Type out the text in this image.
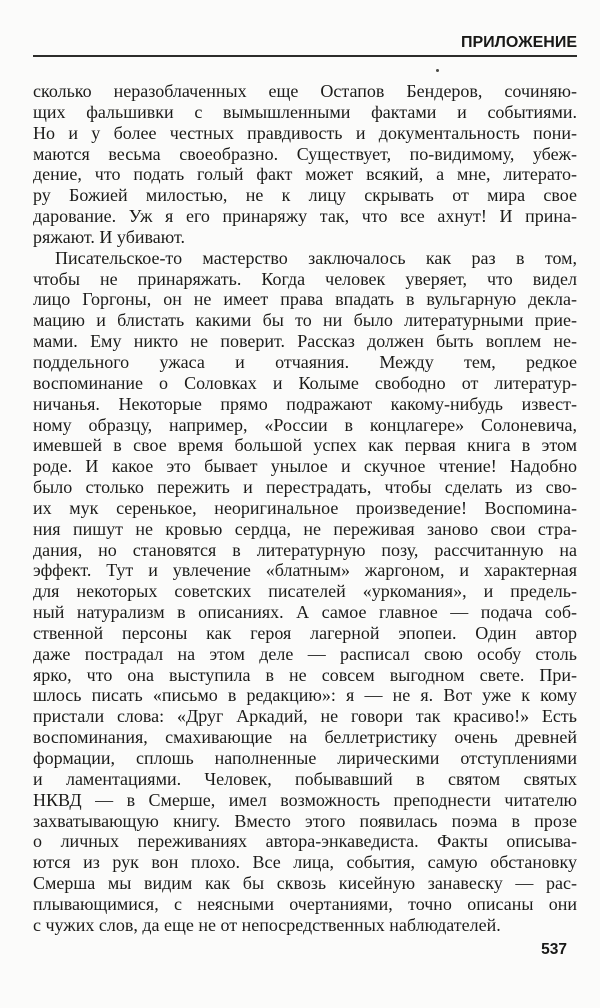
ПРИЛОЖЕНИЕ
сколько неразоблаченных еще Остапов Бендеров, сочиняю-
щих фальшивки с вымышленными фактами и событиями.
Но и у более честных правдивость и документальность пони-
маются весьма своеобразно. Существует, по-видимому, убеж-
дение, что подать голый факт может всякий, а мне, литерато-
ру Божией милостью, не к лицу скрывать от мира свое
дарование. Уж я его принаряжу так, что все ахнут! И прина-
ряжают. И убивают.
Писательское-то мастерство заключалось как раз в том,
чтобы не принаряжать. Когда человек уверяет, что видел
лицо Горгоны, он не имеет права впадать в вульгарную декла-
мацию и блистать какими бы то ни было литературными прие-
мами. Ему никто не поверит. Рассказ должен быть воплем не-
поддельного ужаса и отчаяния. Между тем, редкое
воспоминание о Соловках и Колыме свободно от литератур-
ничанья. Некоторые прямо подражают какому-нибудь извест-
ному образцу, например, «России в концлагере» Солоневича,
имевшей в свое время большой успех как первая книга в этом
роде. И какое это бывает унылое и скучное чтение! Надобно
было столько пережить и перестрадать, чтобы сделать из сво-
их мук серенькое, неоригинальное произведение! Воспомина-
ния пишут не кровью сердца, не переживая заново свои стра-
дания, но становятся в литературную позу, рассчитанную на
эффект. Тут и увлечение «блатным» жаргоном, и характерная
для некоторых советских писателей «уркомания», и предель-
ный натурализм в описаниях. А самое главное — подача соб-
ственной персоны как героя лагерной эпопеи. Один автор
даже пострадал на этом деле — расписал свою особу столь
ярко, что она выступила в не совсем выгодном свете. При-
шлось писать «письмо в редакцию»: я — не я. Вот уже к кому
пристали слова: «Друг Аркадий, не говори так красиво!» Есть
воспоминания, смахивающие на беллетристику очень древней
формации, сплошь наполненные лирическими отступлениями
и ламентациями. Человек, побывавший в святом святых
НКВД — в Смерше, имел возможность преподнести читателю
захватывающую книгу. Вместо этого появилась поэма в прозе
о личных переживаниях автора-энкаведиста. Факты описыва-
ются из рук вон плохо. Все лица, события, самую обстановку
Смерша мы видим как бы сквозь кисейную занавеску — рас-
плывающимися, с неясными очертаниями, точно описаны они
с чужих слов, да еще не от непосредственных наблюдателей.
537
